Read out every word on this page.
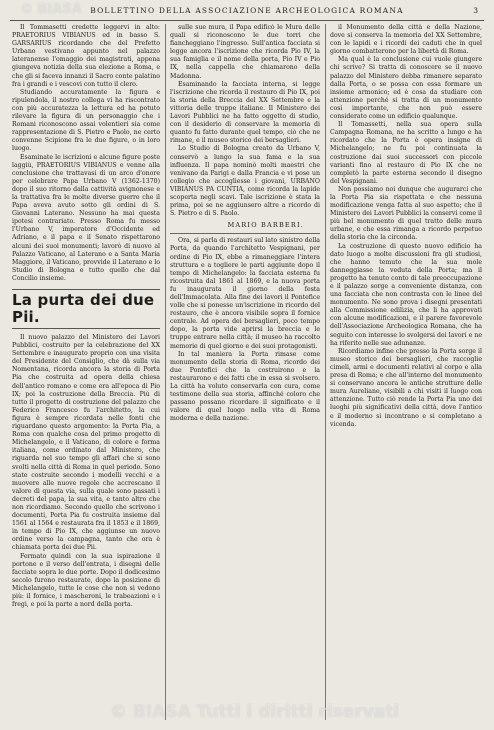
BOLLETTINO DELLA ASSOCIAZIONE ARCHEOLOGICA ROMANA	3
© BIASA

Il Tommasetti credette leggervi in alto: PRAETORIUS VIBIANUS ed in basso S. GARSARIUS ricordando che del Prefetto Urbano vestivano appunto nel palazzo lateranense l'omaggio dei magistrati, appena giungeva notizia della sua elezione a Roma, e che gli si faceva innanzi il Sacro conte palatino fra i grandi e i vescovi con tutto il clero.

Studiando accuratamente la figura e ripulendola, il nostro collega vi ha riscontrato con più accuratezza la lettura ed ha potuto rilevare la figura di un personaggio che i Romani riconoscono assai volentieri sia come rappresentazione di S. Pietro e Paolo, ne certo convenne Scipione fra le due figure, o in loro luogo.

Esaminate le iscrizioni e alcune figure poste laggiù, PRAETORIUS VIBIANUS e venne alla conclusione che trattavasi di un arco d'onore per celebrare Papa Urbano V (1362-1370) dopo il suo ritorno dalla cattività avignonese e la trattativa fra le molte diverse guerre che il Papa aveva avuto sotto gli ordini di S. Giovanni Laterano. Nessuno ha mai questa ipotesi contrariato. Presso Roma fu messo l'Urbano V, imperatore d'Occidente ed Adriano, e il papa e il Senato rispettarono alcuni dei suoi monumenti; lavorò di nuovo al Palazzo Vaticano, al Laterano e a Santa Maria Maggiore, il Vaticano, provvide il Laterano e lo Studio di Bologna e tutto quello che dal Concilio insieme.

La purta dei due Pii.

Il nuovo palazzo del Ministero dei Lavori Pubblici, costruito per la celebrazione del XX Settembre e inaugurato proprio con una visita del Presidente del Consiglio, che dà sulla via Nomentana, ricorda ancora la storia di Porta Pia che costruita ad opera della chiesa dell'antico romano e come era all'epoca di Pio IX; poi la costruzione della Breccia. Più di tutto il progetto di costruzione del palazzo che Federico Francesco fu l'architetto, la cui figura è sempre ricordata nelle fonti che riguardano questo argomento: la Porta Pia, a Roma con qualche cosa del primo progetto di Michelangelo, e il Vaticano, di colore e forma italiana, come ordinato dal Ministero, che riguarda nel suo tempo gli affari che si sono svolti nella città di Roma in quel periodo. Sono state costruite secondo i modelli vecchi e a muovere alle nuove regole che accrescano il valore di questa via, sulla quale sono passati i decreti del papa, la sua vita, e tanto altro che non ricordiamo. Secondo quello che scrivono i documenti, Porta Pia fu costruita insieme dal 1561 al 1564 e restaurata fra il 1853 e il 1869, in tempo di Pio IX, che aggiunse un nuovo ordine verso la campagna, tanto che ora è chiamata porta dei due Pii.

Fermato quindi con la sua ispirazione il portone e il verso dell'entrata, i disegni delle facciate sopra le due porte. Dopo il dodicesimo secolo furono restaurate, dopo la posizione di Michelangelo, tutte le cose che non si vedono più: il fornice, i mascheroni, le trabeazioni e i fregi, e poi la parte a nord della porta.

sulle sue mura, il Papa edificò le Mura delle quali si riconoscono le due torri che fiancheggiano l'ingresso. Sull'antica facciata si legge ancora l'iscrizione che ricorda Pio IV, la sua famiglia e il nome della porta, Pio IV e Pio IX, nella cappella che chiamarono della Madonna.

Esaminando la facciata interna, si legge l'iscrizione che ricorda il restauro di Pio IX, poi la storia della Breccia del XX Settembre e la vittoria delle truppe italiane. Il Ministero dei Lavori Pubblici ne ha fatto oggetto di studio, con il desiderio di conservare la memoria di quanto fu fatto durante quel tempo, ciò che ne rimane, e il museo storico dei bersaglieri.

Lo Studio di Bologna creato da Urbano V, conservò a lungo la sua fama e la sua influenza. Il papa nominò molti maestri che venivano da Parigi e dalla Francia e vi pose un collegio che accogliesse i giovani, URBANO VIBIANUS PA CUNTIA, come ricorda la lapide scoperta negli scavi. Tale iscrizione è stata la prima, poi se ne aggiunsero altre a ricordo di S. Pietro e di S. Paolo.

MARIO BARBERI.

Ora, si parla di restauri sul lato sinistro della Porta, da quando l'architetto Vespignani, per ordine di Pio IX, ebbe a rimaneggiare l'intera struttura e a togliere le parti aggiunte dopo il tempo di Michelangelo: la facciata esterna fu ricostruita dal 1861 al 1869, e la nuova porta fu inaugurata il giorno della festa dell'Immacolata. Alla fine dei lavori il Pontefice volle che si ponesse un'iscrizione in ricordo del restauro, che è ancora visibile sopra il fornice centrale. Ad opera dei bersaglieri, poco tempo dopo, la porta vide aprirsi la breccia e le truppe entrare nella città; il museo ha raccolto memorie di quel giorno e dei suoi protagonisti.

In tal maniera la Porta rimase come monumento della storia di Roma, ricordo dei due Pontefici che la costruirono e la restaurarono e dei fatti che in essa si svolsero. La città ha voluto conservarla con cura, come testimone della sua storia, affinché coloro che passano possano ricordare il significato e il valore di quel luogo nella vita di Roma moderna e della nazione.

il Monumento della città e della Nazione, dove si conserva la memoria del XX Settembre, con le lapidi e i ricordi dei caduti che in quel giorno combatterono per la libertà di Roma.

Ma qual è la conclusione cui vuole giungere chi scrive? Si tratta di conoscere se il nuovo palazzo del Ministero debba rimanere separato dalla Porta, o se possa con essa formare un insieme armonico; ed è cosa da studiare con attenzione perché si tratta di un monumento così importante, che non può essere considerato come un edificio qualunque.

Il Tomassetti, nella sua opera sulla Campagna Romana, ne ha scritto a lungo e ha ricordato che la Porta è opera insigne di Michelangelo; ne fu poi continuata la costruzione dai suoi successori con piccole varianti fino al restauro di Pio IX che ne completò la parte esterna secondo il disegno del Vespignani.

Non possiamo noi dunque che augurarci che la Porta Pia sia rispettata e che nessuna modificazione venga fatta al suo aspetto; che il Ministero dei Lavori Pubblici la conservi come il più bel monumento di quel tratto delle mura urbane, e che essa rimanga a ricordo perpetuo della storia che la circonda.

La costruzione di questo nuovo edificio ha dato luogo a molte discussioni fra gli studiosi, che hanno temuto che la sua mole danneggiasse la veduta della Porta; ma il progetto ha tenuto conto di tale preoccupazione e il palazzo sorge a conveniente distanza, con una facciata che non contrasta con le linee del monumento. Ne sono prova i disegni presentati alla Commissione edilizia, che li ha approvati con alcune modificazioni, e il parere favorevole dell'Associazione Archeologica Romana, che ha seguito con interesse lo svolgersi dei lavori e ne ha riferito nelle sue adunanze.

Ricordiamo infine che presso la Porta sorge il museo storico dei bersaglieri, che raccoglie cimeli, armi e documenti relativi al corpo e alla presa di Roma; e che all'interno del monumento si conservano ancora le antiche strutture delle mura Aureliane, visibili a chi visiti il luogo con attenzione. Tutto ciò rende la Porta Pia uno dei luoghi più significativi della città, dove l'antico e il moderno si incontrano e si completano a vicenda.

© BIASA Tutti i diritti riservati
